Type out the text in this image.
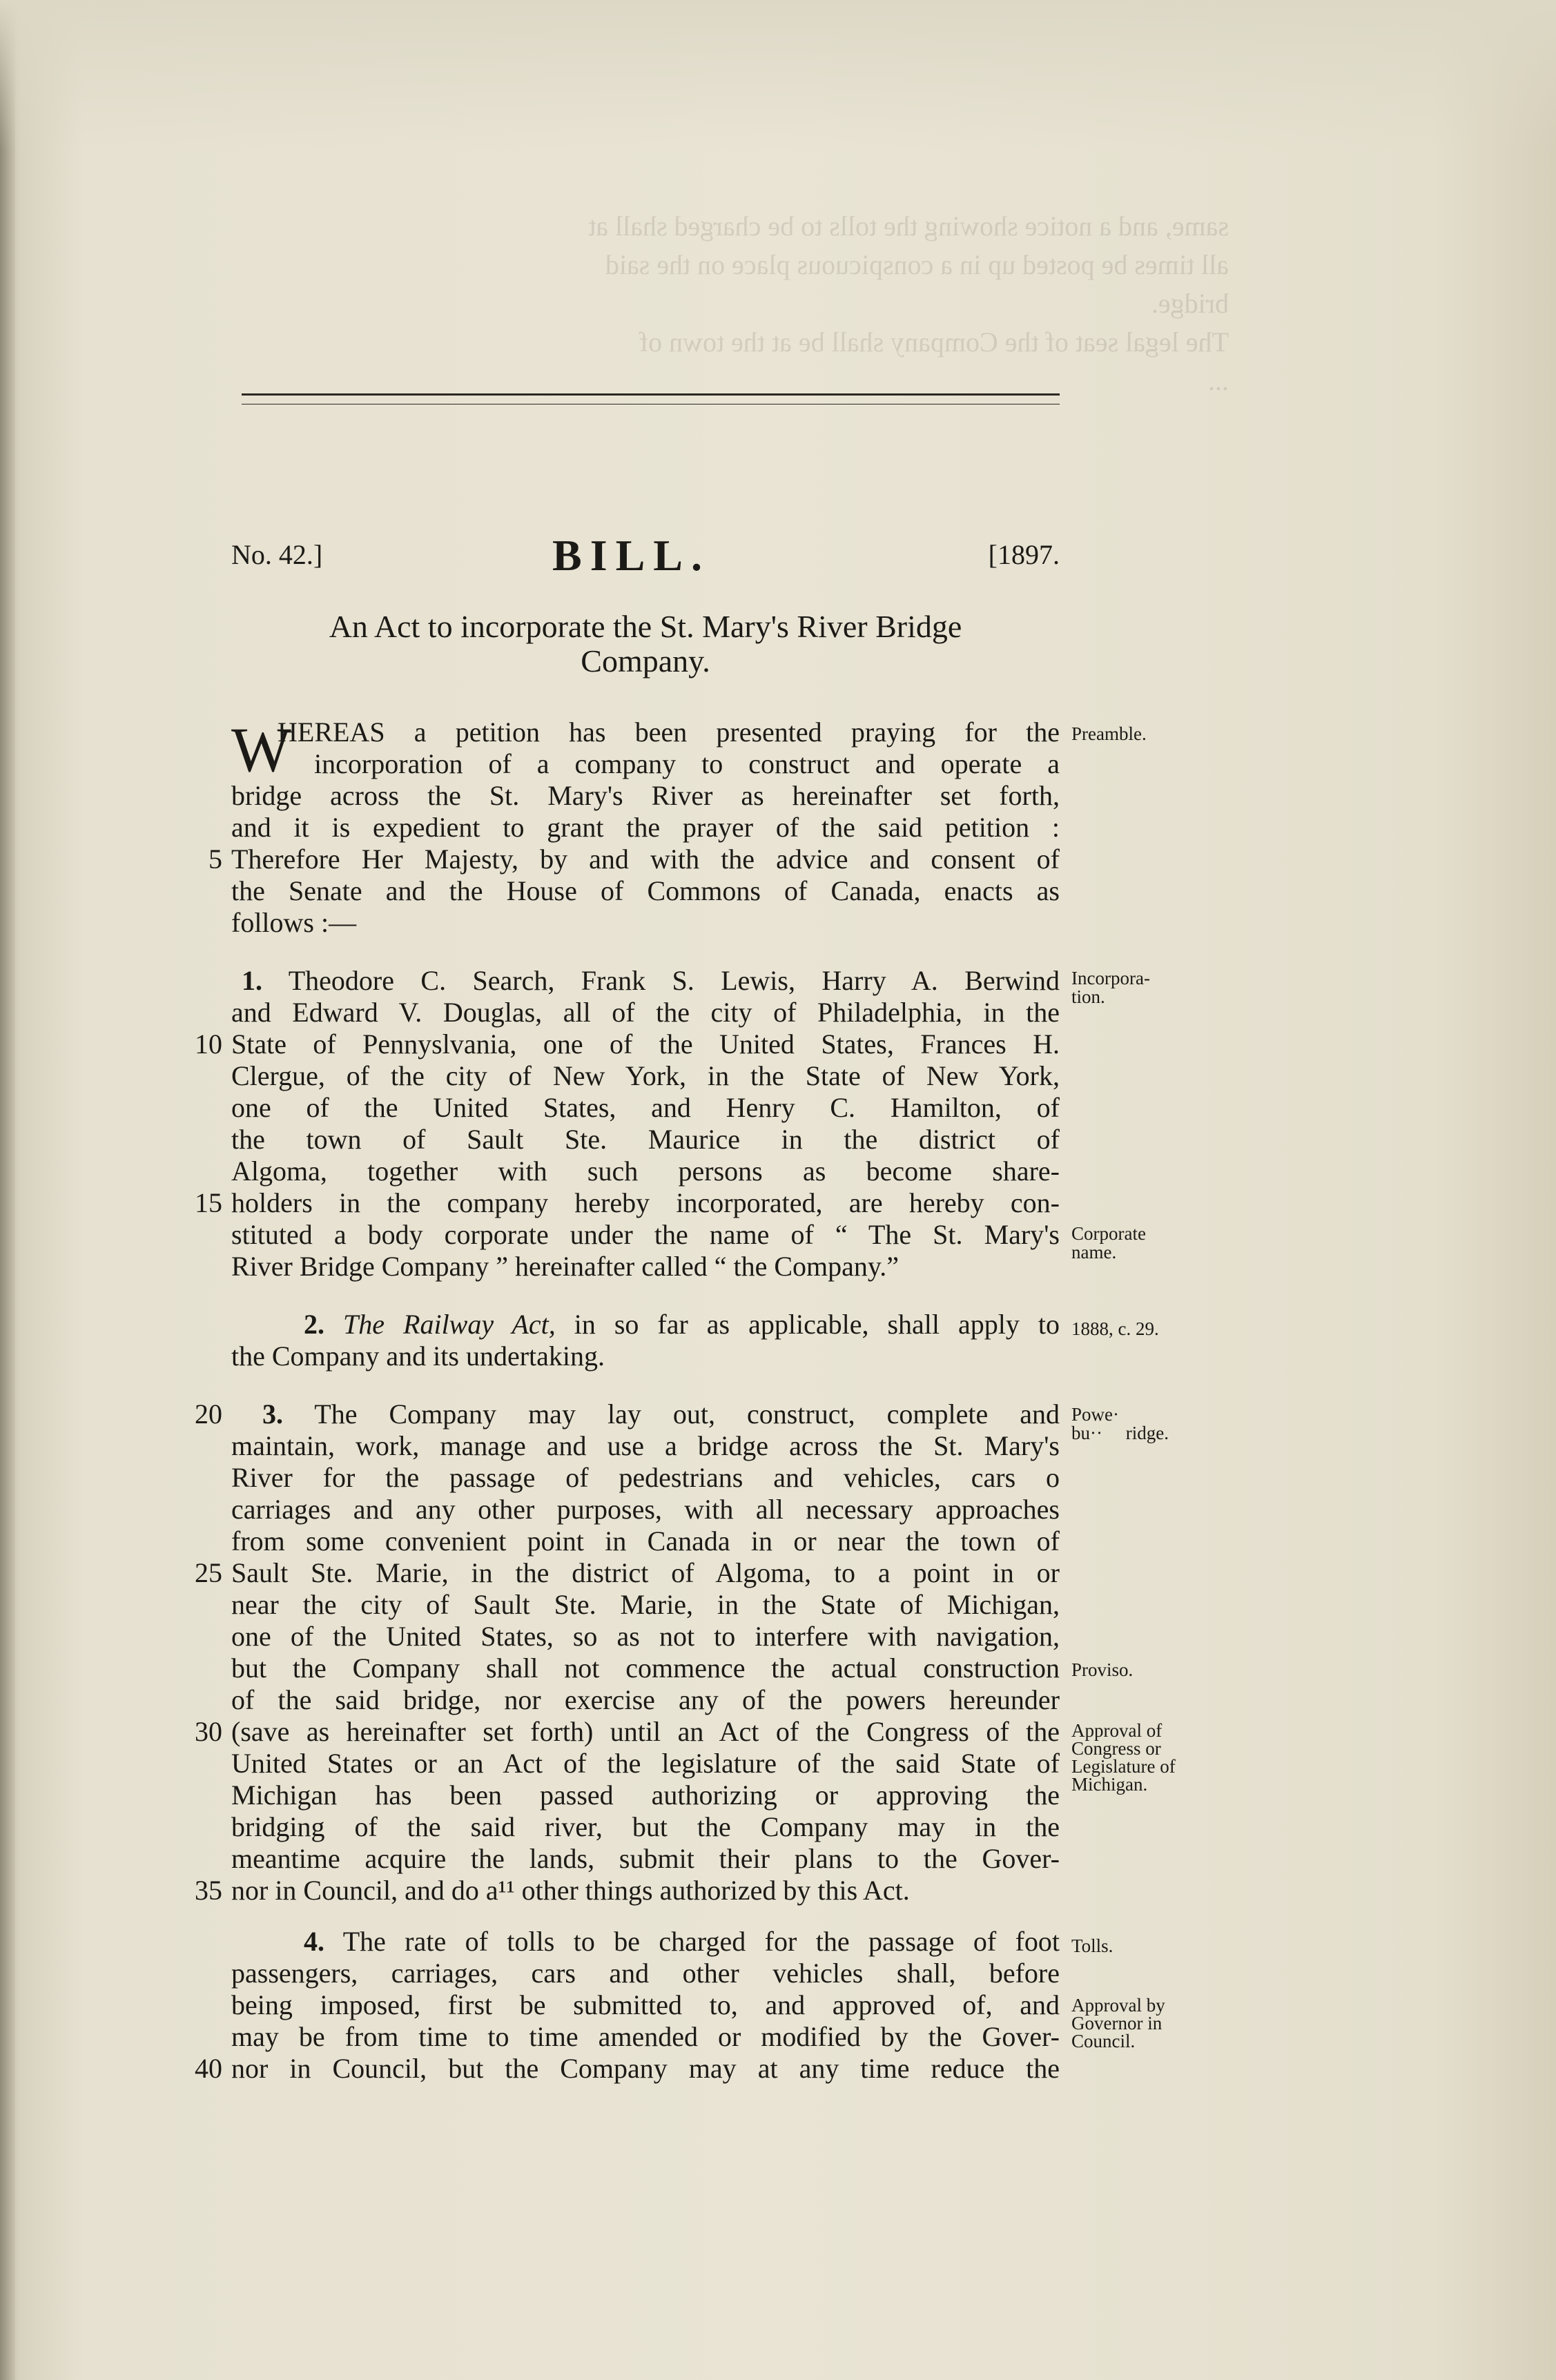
same, and a notice showing the tolls to be charged shall at
all times be posted up in a conspicuous place on the said
bridge.
The legal seat of the Company shall be at the town of
...
No. 42.]	BILL.	[1897.
An Act to incorporate the St. Mary's River Bridge
Company.
W
HEREAS a petition has been presented praying for the
incorporation of a company to construct and operate a
bridge across the St. Mary's River as hereinafter set forth,
and it is expedient to grant the prayer of the said petition :
Therefore Her Majesty, by and with the advice and consent of
the Senate and the House of Commons of Canada, enacts as
follows :—
1. Theodore C. Search, Frank S. Lewis, Harry A. Berwind
and Edward V. Douglas, all of the city of Philadelphia, in the
State of Pennyslvania, one of the United States, Frances H.
Clergue, of the city of New York, in the State of New York,
one of the United States, and Henry C. Hamilton, of
the town of Sault Ste. Maurice in the district of
Algoma, together with such persons as become share-
holders in the company hereby incorporated, are hereby con-
stituted a body corporate under the name of “ The St. Mary's
River Bridge Company ” hereinafter called “ the Company.”
2. The Railway Act, in so far as applicable, shall apply to
the Company and its undertaking.
3. The Company may lay out, construct, complete and
maintain, work, manage and use a bridge across the St. Mary's
River for the passage of pedestrians and vehicles, cars o
carriages and any other purposes, with all necessary approaches
from some convenient point in Canada in or near the town of
Sault Ste. Marie, in the district of Algoma, to a point in or
near the city of Sault Ste. Marie, in the State of Michigan,
one of the United States, so as not to interfere with navigation,
but the Company shall not commence the actual construction
of the said bridge, nor exercise any of the powers hereunder
(save as hereinafter set forth) until an Act of the Congress of the
United States or an Act of the legislature of the said State of
Michigan has been passed authorizing or approving the
bridging of the said river, but the Company may in the
meantime acquire the lands, submit their plans to the Gover-
nor in Council, and do a¹¹ other things authorized by this Act.
4. The rate of tolls to be charged for the passage of foot
passengers, carriages, cars and other vehicles shall, before
being imposed, first be submitted to, and approved of, and
may be from time to time amended or modified by the Gover-
nor in Council, but the Company may at any time reduce the
5
10
15
20
25
30
35
40
Preamble.
Incorpora-
tion.
Corporate
name.
1888, c. 29.
Powe·
bu··     ridge.
Proviso.
Approval of
Congress or
Legislature of
Michigan.
Tolls.
Approval by
Governor in
Council.
